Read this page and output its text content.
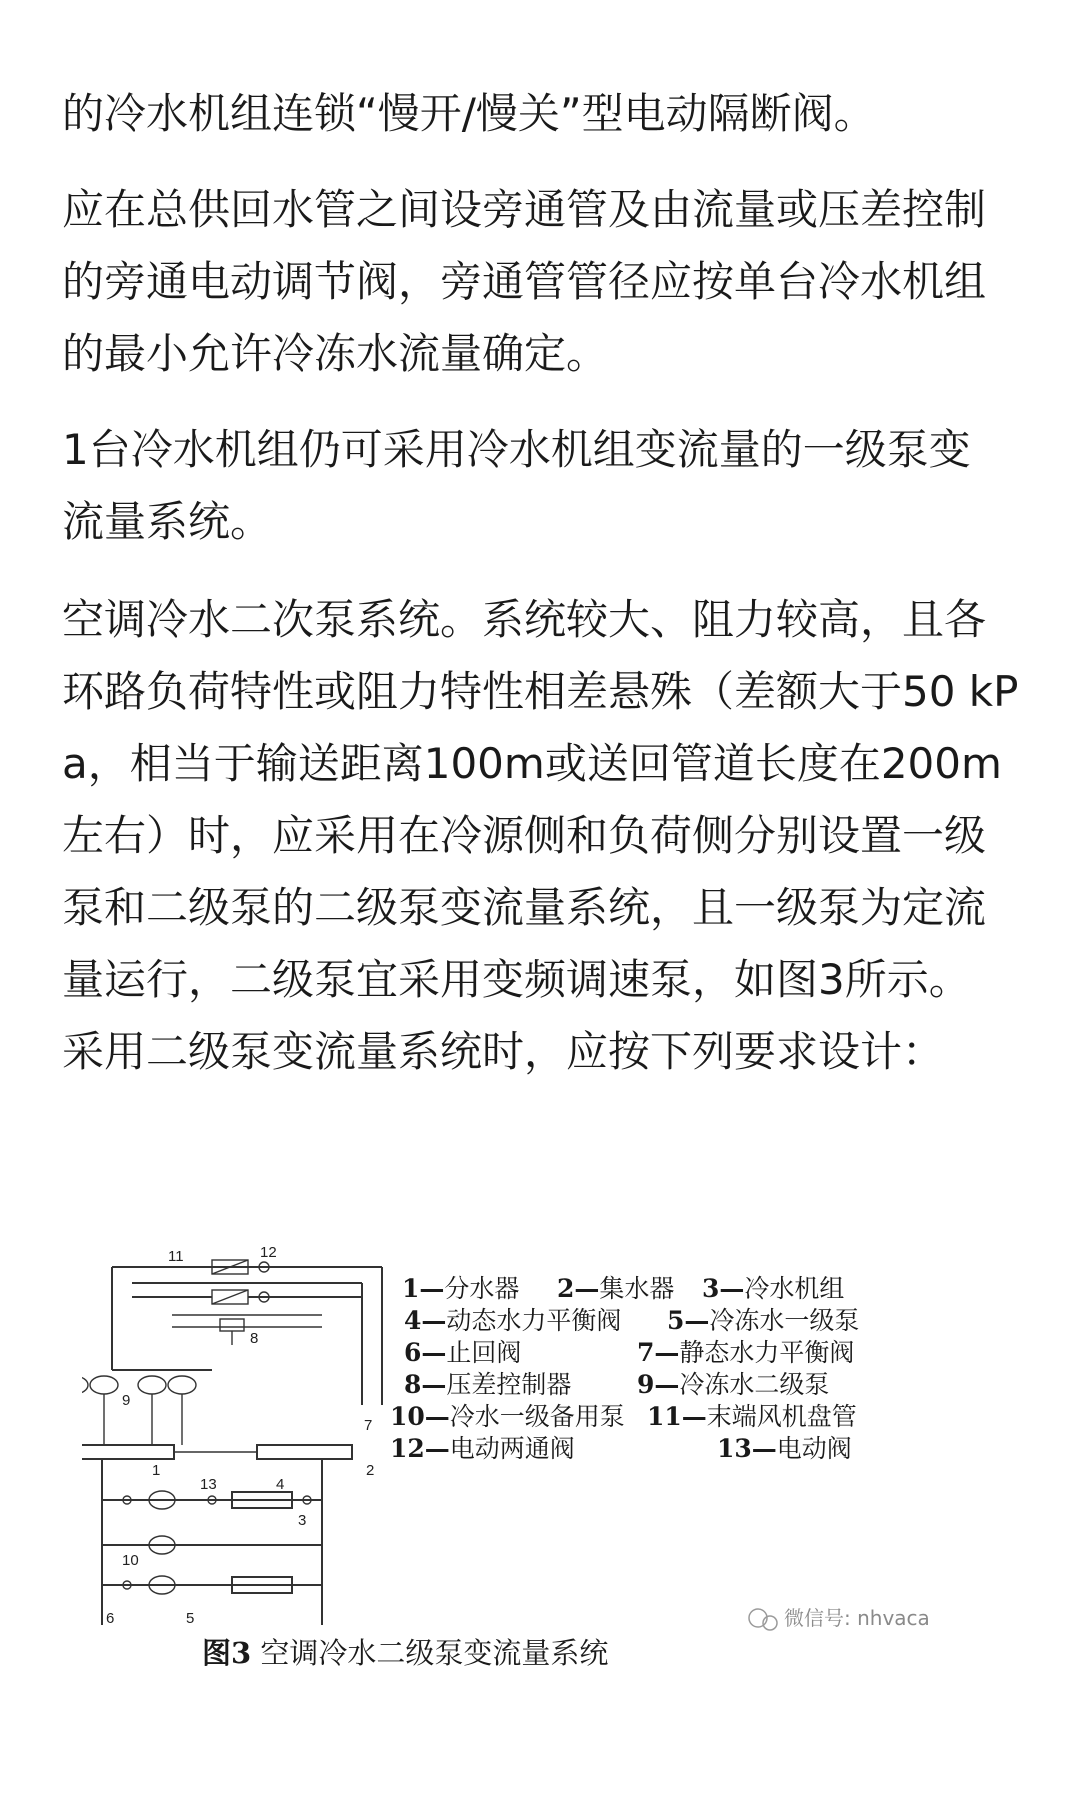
的冷水机组连锁“慢开/慢关”型电动隔断阀。
应在总供回水管之间设旁通管及由流量或压差控制
的旁通电动调节阀，旁通管管径应按单台冷水机组
的最小允许冷冻水流量确定。
1台冷水机组仍可采用冷水机组变流量的一级泵变
流量系统。
空调冷水二次泵系统。系统较大、阻力较高，且各
环路负荷特性或阻力特性相差悬殊（差额大于50 kP
a，相当于输送距离100m或送回管道长度在200m
左右）时，应采用在冷源侧和负荷侧分别设置一级
泵和二级泵的二级泵变流量系统，且一级泵为定流
量运行，二级泵宜采用变频调速泵，如图3所示。
采用二级泵变流量系统时，应按下列要求设计：
11	12
8
9
7
1	2
13	4
3
10
6	5
1—分水器 2—集水器 3—冷水机组
4—动态水力平衡阀 5—冷冻水一级泵
6—止回阀	7—静态水力平衡阀
8—压差控制器	9—冷冻水二级泵
10—冷水一级备用泵 11—末端风机盘管
12—电动两通阀	13—电动阀
微信号: nhvaca
图3 空调冷水二级泵变流量系统
